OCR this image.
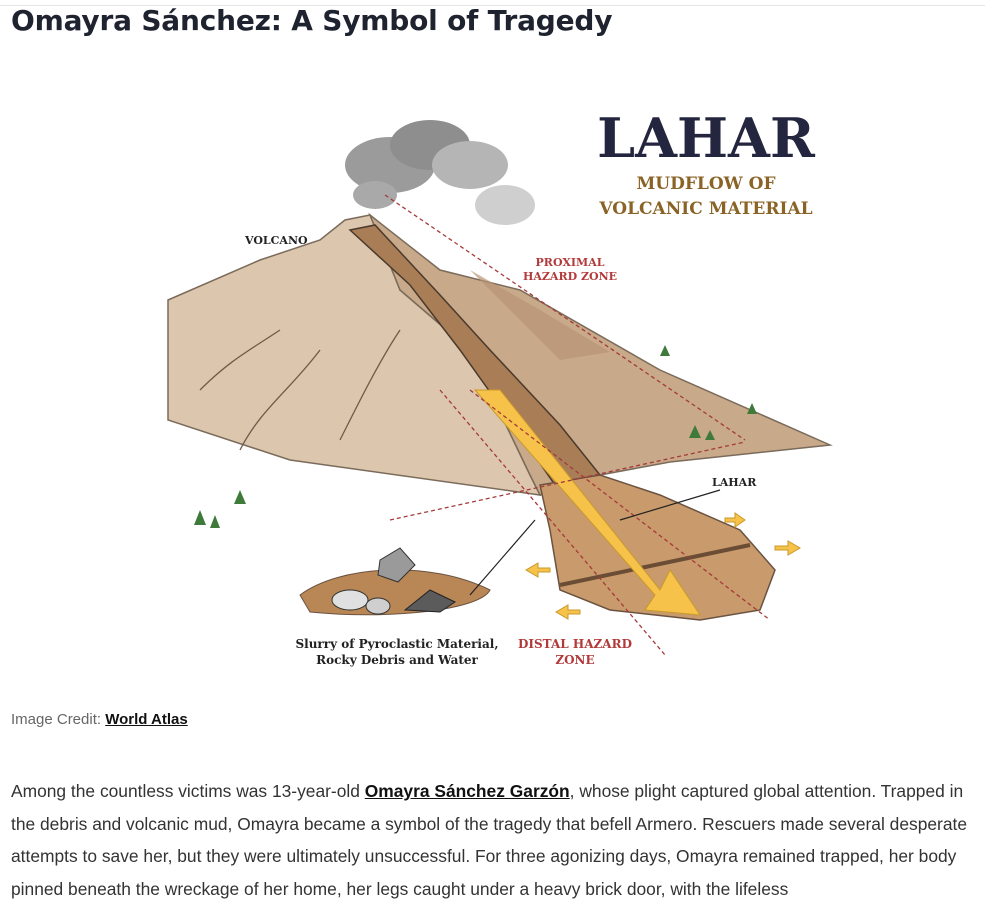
Omayra Sánchez: A Symbol of Tragedy
LAHAR
MUDFLOW OF
VOLCANIC MATERIAL
VOLCANO
PROXIMAL
HAZARD ZONE
LAHAR
Slurry of Pyroclastic Material,
Rocky Debris and Water
DISTAL HAZARD
ZONE
Image Credit: World Atlas

Among the countless victims was 13-year-old Omayra Sánchez Garzón, whose plight captured global attention. Trapped in the debris and volcanic mud, Omayra became a symbol of the tragedy that befell Armero. Rescuers made several desperate attempts to save her, but they were ultimately unsuccessful. For three agonizing days, Omayra remained trapped, her body pinned beneath the wreckage of her home, her legs caught under a heavy brick door, with the lifeless
